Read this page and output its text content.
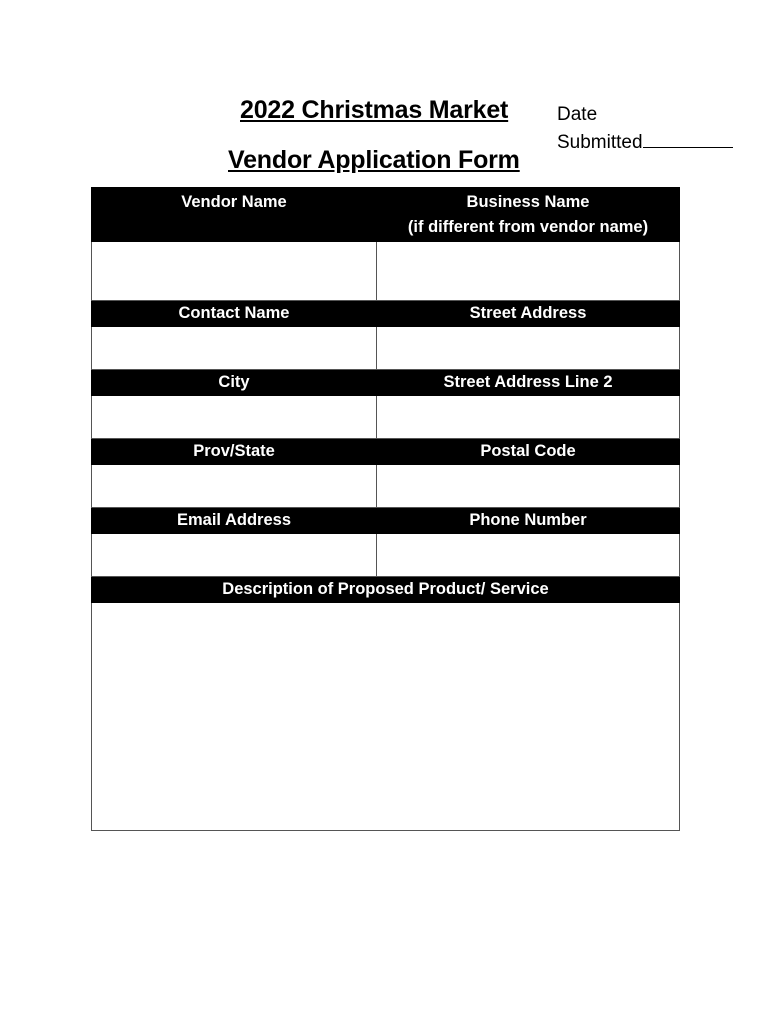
2022 Christmas Market
Vendor Application Form
Date
Submitted
Vendor Name	Business Name
(if different from vendor name)

Contact Name	Street Address

City	Street Address Line 2

Prov/State	Postal Code

Email Address	Phone Number

Description of Proposed Product/ Service	
